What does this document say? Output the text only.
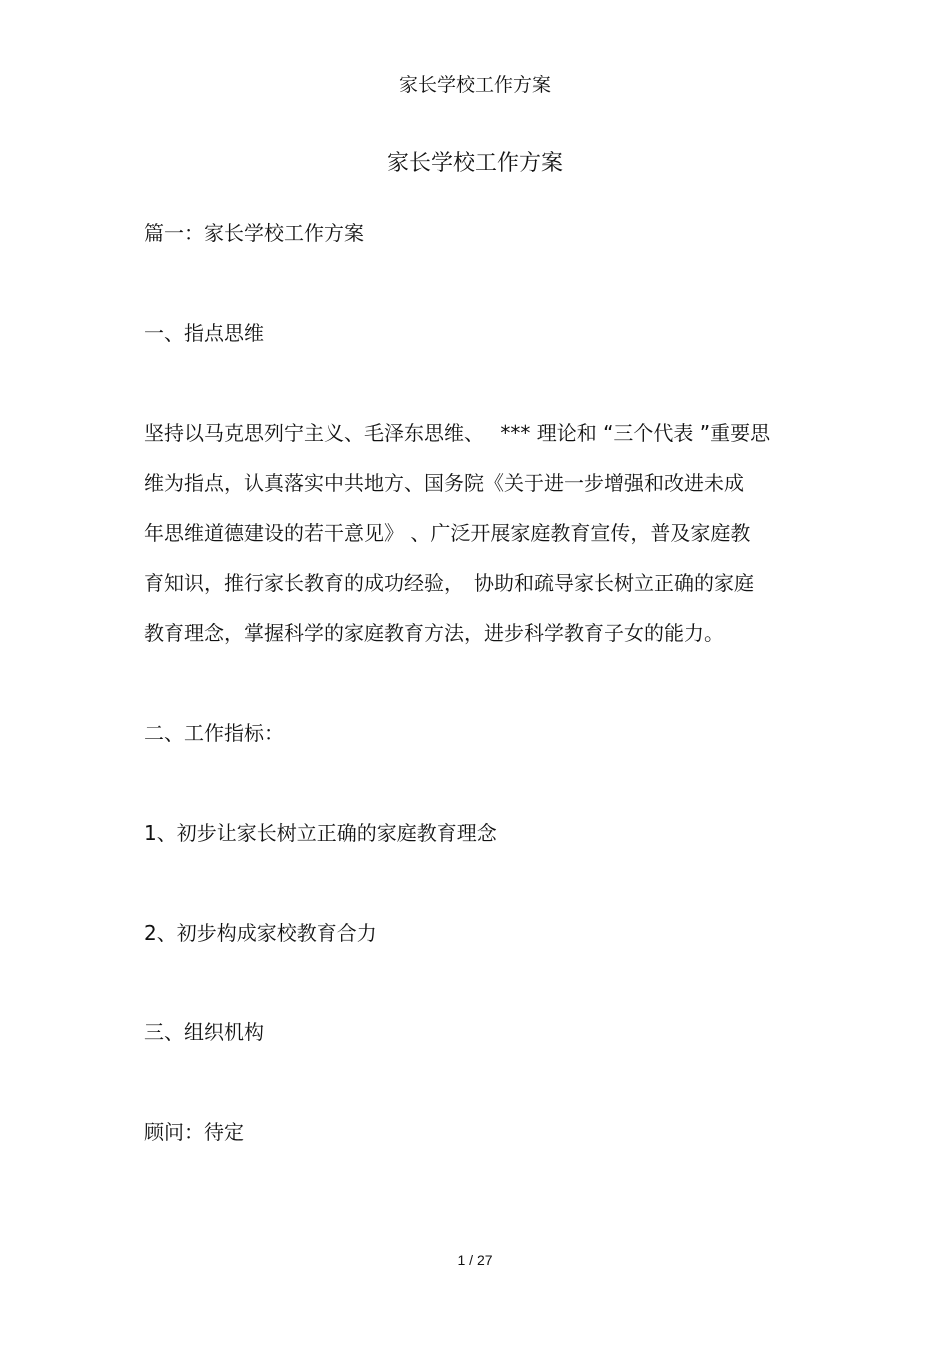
家长学校工作方案
家长学校工作方案
篇一：家长学校工作方案
一、指点思维
坚持以马克思列宁主义、毛泽东思维、　 *** 理论和 “三个代表 ”重要思
维为指点，认真落实中共地方、国务院《关于进一步增强和改进未成
年思维道德建设的若干意见》 、广泛开展家庭教育宣传，普及家庭教
育知识，推行家长教育的成功经验，　协助和疏导家长树立正确的家庭
教育理念，掌握科学的家庭教育方法，进步科学教育子女的能力。
二、工作指标：
1、初步让家长树立正确的家庭教育理念
2、初步构成家校教育合力
三、组织机构
顾问：待定
1 / 27
